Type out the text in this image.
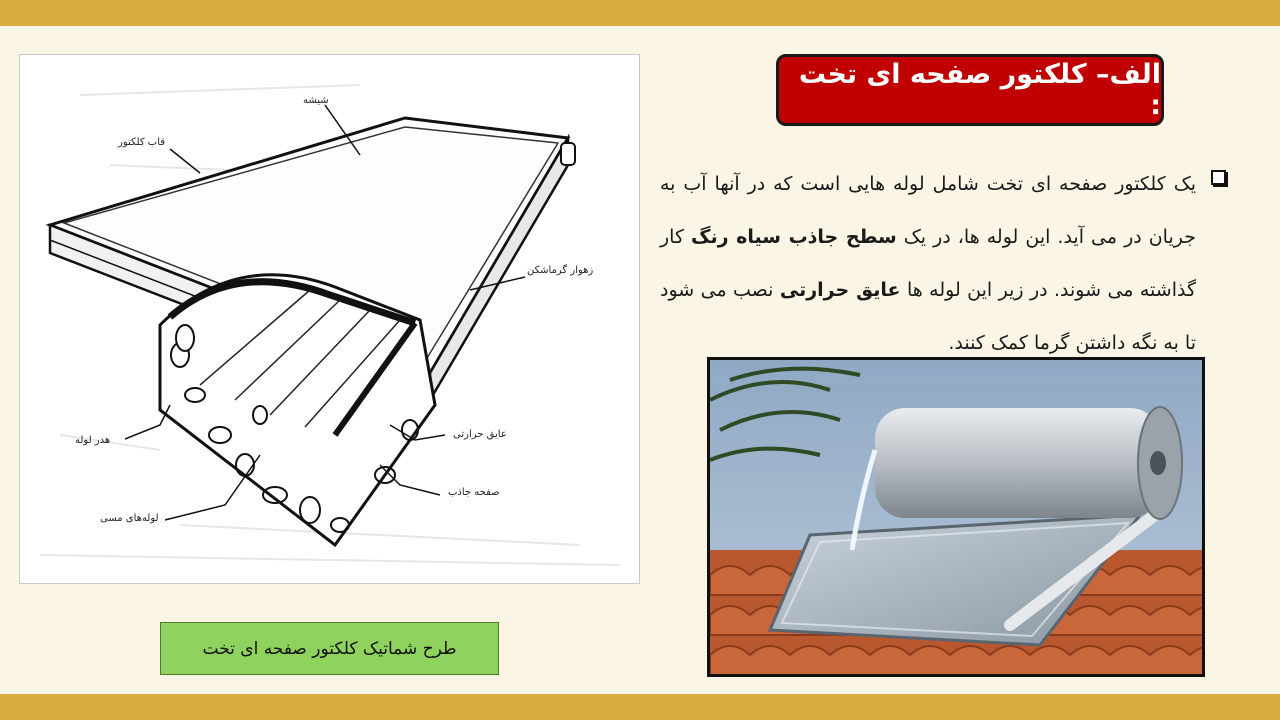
شیشه
قاب کلکتور
زهوار گرماشکن
هدر لوله
عایق حرارتی
صفحه جاذب
لوله‌های مسی
طرح شماتیک کلکتور صفحه ای تخت
الف– کلکتور صفحه ای تخت :
یک کلکتور صفحه ای تخت شامل لوله هایی است که در آنها آب به جریان در می آید. این لوله ها، در یک سطح جاذب سیاه رنگ کار گذاشته می شوند. در زیر این لوله ها عایق حرارتی نصب می شود تا به نگه داشتن گرما کمک کنند.
